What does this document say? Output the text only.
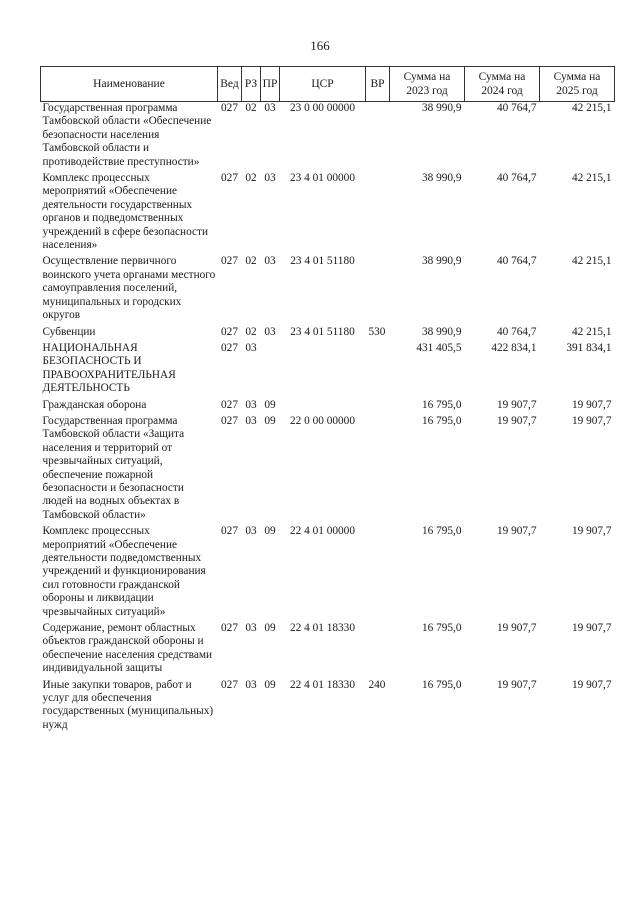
166
Наименование	Вед	РЗ	ПР	ЦСР	ВР	Сумма на 2023 год	Сумма на 2024 год	Сумма на 2025 год
Государственная программа Тамбовской области «Обеспечение безопасности населения Тамбовской области и противодействие преступности»	027	02	03	23 0 00 00000		38 990,9	40 764,7	42 215,1
Комплекс процессных мероприятий «Обеспечение деятельности государственных органов и подведомственных учреждений в сфере безопасности населения»	027	02	03	23 4 01 00000		38 990,9	40 764,7	42 215,1
Осуществление первичного воинского учета органами местного самоуправления поселений, муниципальных и городских округов	027	02	03	23 4 01 51180		38 990,9	40 764,7	42 215,1
Субвенции	027	02	03	23 4 01 51180	530	38 990,9	40 764,7	42 215,1
НАЦИОНАЛЬНАЯ БЕЗОПАСНОСТЬ И ПРАВООХРАНИТЕЛЬНАЯ ДЕЯТЕЛЬНОСТЬ	027	03				431 405,5	422 834,1	391 834,1
Гражданская оборона	027	03	09			16 795,0	19 907,7	19 907,7
Государственная программа Тамбовской области «Защита населения и территорий от чрезвычайных ситуаций, обеспечение пожарной безопасности и безопасности людей на водных объектах в Тамбовской области»	027	03	09	22 0 00 00000		16 795,0	19 907,7	19 907,7
Комплекс процессных мероприятий «Обеспечение деятельности подведомственных учреждений и функционирования сил готовности гражданской обороны и ликвидации чрезвычайных ситуаций»	027	03	09	22 4 01 00000		16 795,0	19 907,7	19 907,7
Содержание, ремонт областных объектов гражданской обороны и обеспечение населения средствами индивидуальной защиты	027	03	09	22 4 01 18330		16 795,0	19 907,7	19 907,7
Иные закупки товаров, работ и услуг для обеспечения государственных (муниципальных) нужд	027	03	09	22 4 01 18330	240	16 795,0	19 907,7	19 907,7
